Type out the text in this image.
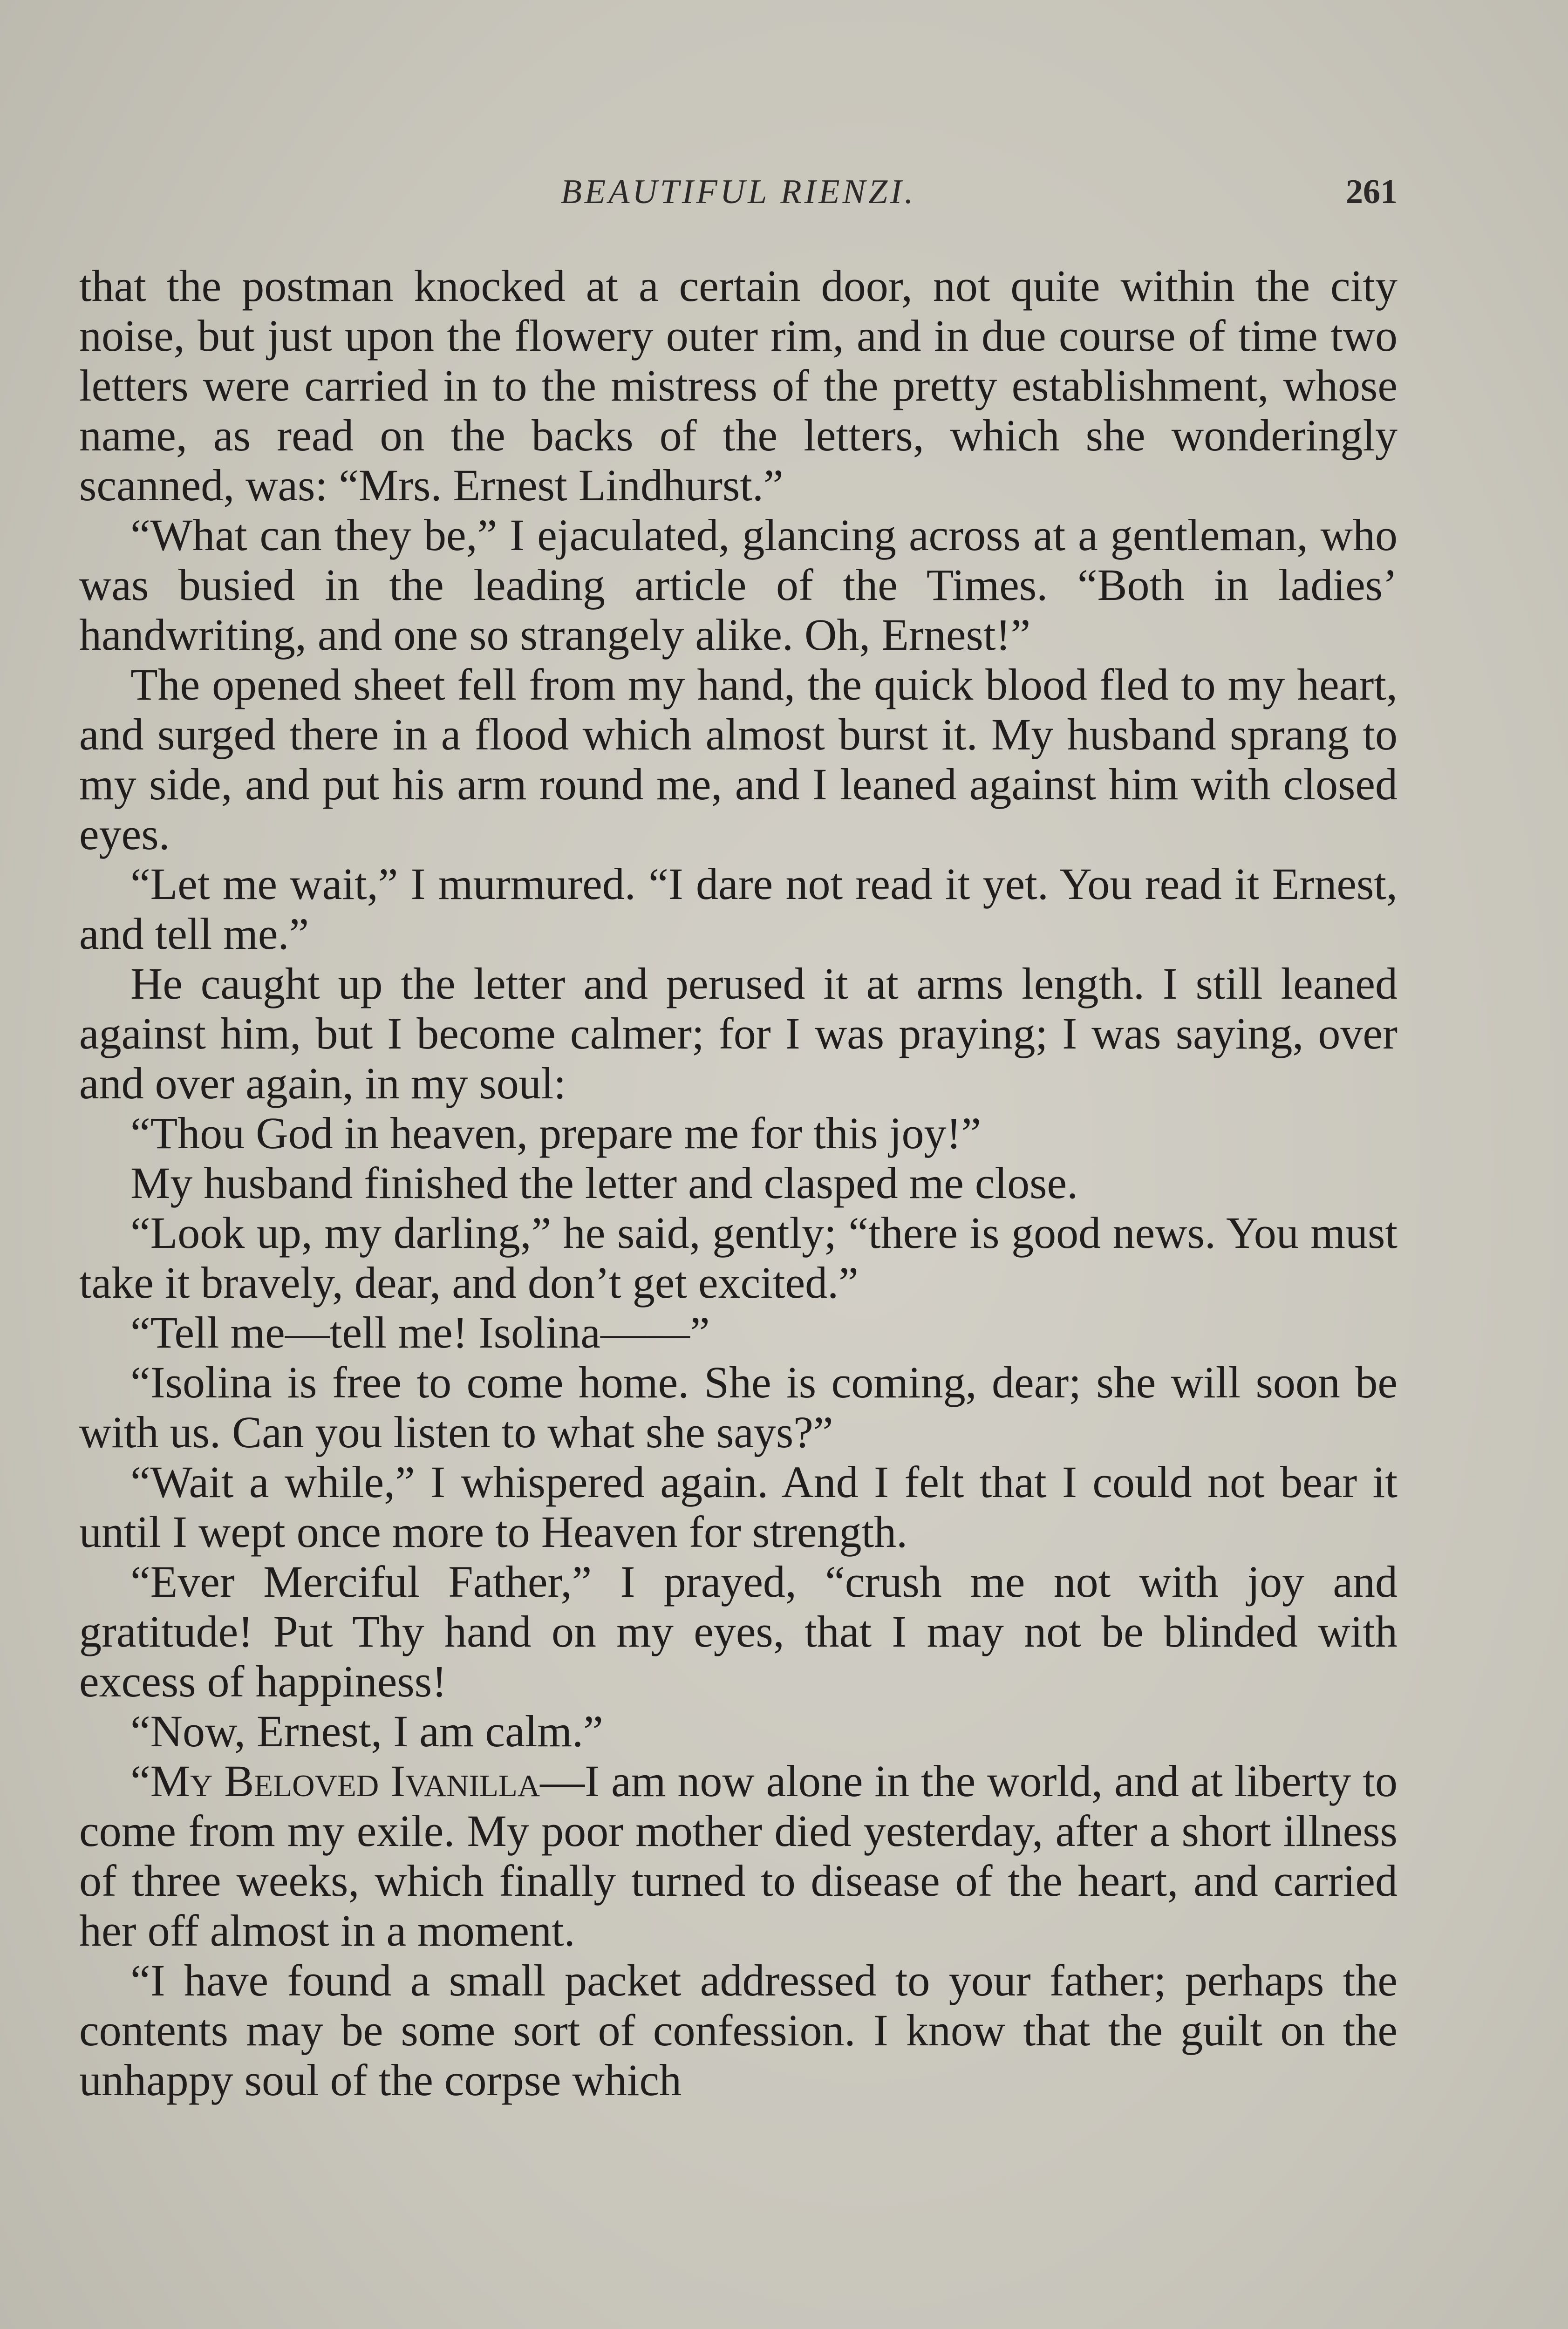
BEAUTIFUL RIENZI.	261

that the postman knocked at a certain door, not quite within the city noise, but just upon the flowery outer rim, and in due course of time two letters were carried in to the mistress of the pretty establishment, whose name, as read on the backs of the letters, which she wonderingly scanned, was: “Mrs. Ernest Lindhurst.”

“What can they be,” I ejaculated, glancing across at a gentleman, who was busied in the leading article of the Times. “Both in ladies’ handwriting, and one so strangely alike. Oh, Ernest!”

The opened sheet fell from my hand, the quick blood fled to my heart, and surged there in a flood which almost burst it. My husband sprang to my side, and put his arm round me, and I leaned against him with closed eyes.

“Let me wait,” I murmured. “I dare not read it yet. You read it Ernest, and tell me.”

He caught up the letter and perused it at arms length. I still leaned against him, but I become calmer; for I was praying; I was saying, over and over again, in my soul:

“Thou God in heaven, prepare me for this joy!”

My husband finished the letter and clasped me close.

“Look up, my darling,” he said, gently; “there is good news. You must take it bravely, dear, and don’t get excited.”

“Tell me—tell me! Isolina——”

“Isolina is free to come home. She is coming, dear; she will soon be with us. Can you listen to what she says?”

“Wait a while,” I whispered again. And I felt that I could not bear it until I wept once more to Heaven for strength.

“Ever Merciful Father,” I prayed, “crush me not with joy and gratitude! Put Thy hand on my eyes, that I may not be blinded with excess of happiness!

“Now, Ernest, I am calm.”

“My Beloved Ivanilla—I am now alone in the world, and at liberty to come from my exile. My poor mother died yesterday, after a short illness of three weeks, which finally turned to disease of the heart, and carried her off almost in a moment.

“I have found a small packet addressed to your father; perhaps the contents may be some sort of confession. I know that the guilt on the unhappy soul of the corpse which
